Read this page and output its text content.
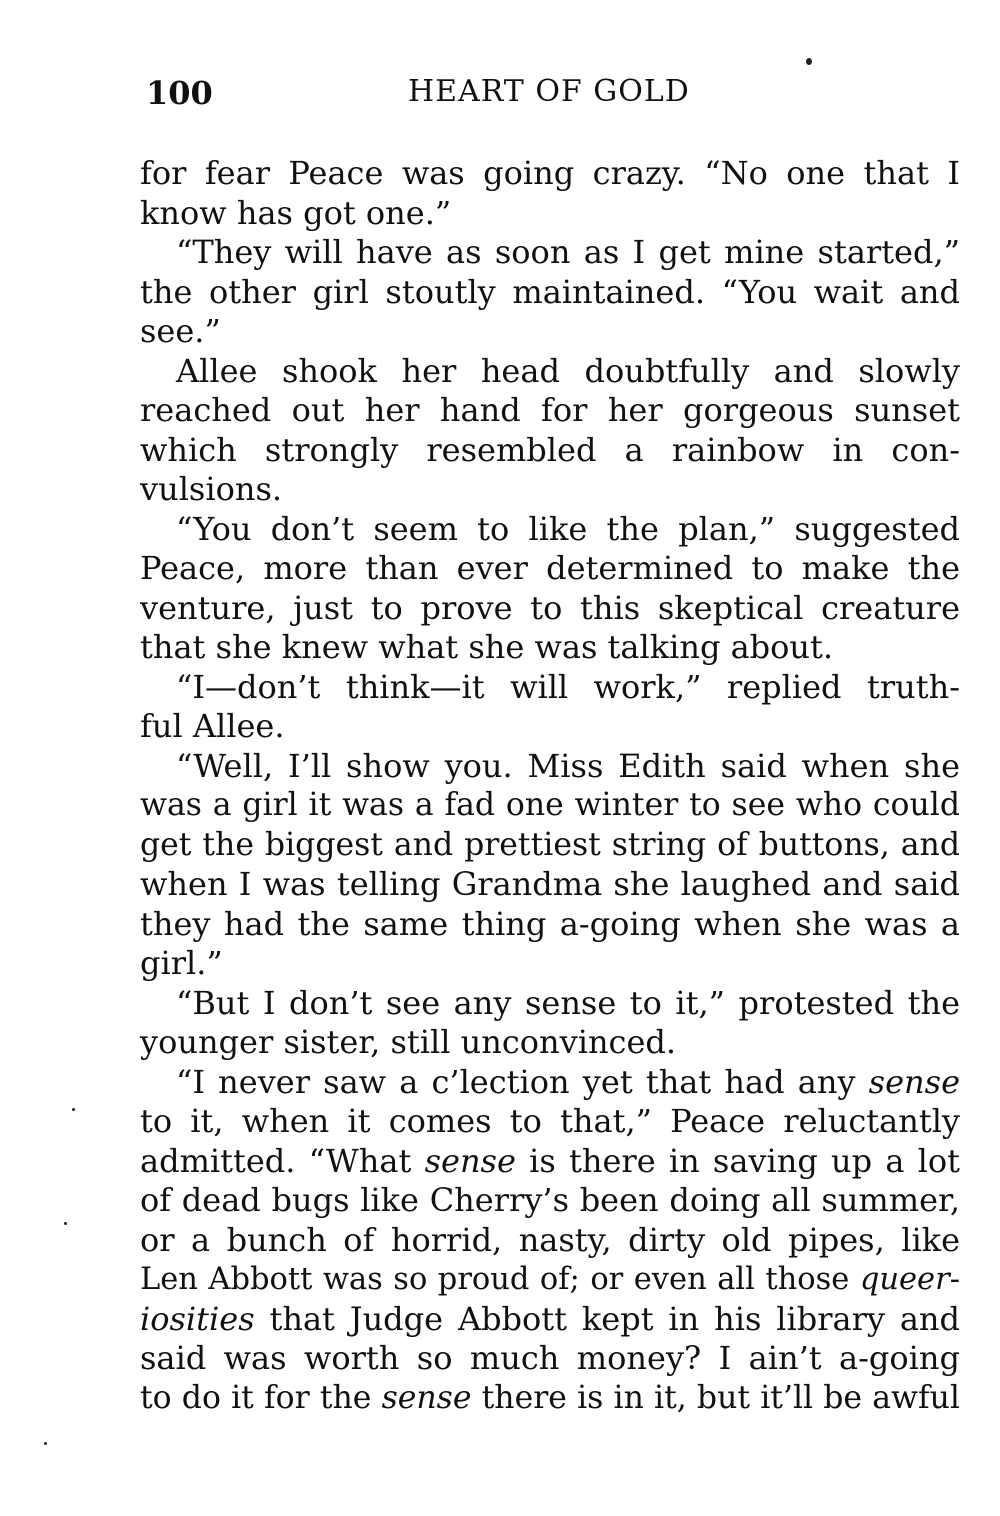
100	HEART OF GOLD
for fear Peace was going crazy. “No one that I
know has got one.”
“They will have as soon as I get mine started,”
the other girl stoutly maintained. “You wait and
see.”
Allee shook her head doubtfully and slowly
reached out her hand for her gorgeous sunset
which strongly resembled a rainbow in con-
vulsions.
“You don’t seem to like the plan,” suggested
Peace, more than ever determined to make the
venture, just to prove to this skeptical creature
that she knew what she was talking about.
“I—don’t think—it will work,” replied truth-
ful Allee.
“Well, I’ll show you. Miss Edith said when she
was a girl it was a fad one winter to see who could
get the biggest and prettiest string of buttons, and
when I was telling Grandma she laughed and said
they had the same thing a-going when she was a
girl.”
“But I don’t see any sense to it,” protested the
younger sister, still unconvinced.
“I never saw a c’lection yet that had any sense
to it, when it comes to that,” Peace reluctantly
admitted. “What sense is there in saving up a lot
of dead bugs like Cherry’s been doing all summer,
or a bunch of horrid, nasty, dirty old pipes, like
Len Abbott was so proud of; or even all those queer-
iosities that Judge Abbott kept in his library and
said was worth so much money? I ain’t a-going
to do it for the sense there is in it, but it’ll be awful
